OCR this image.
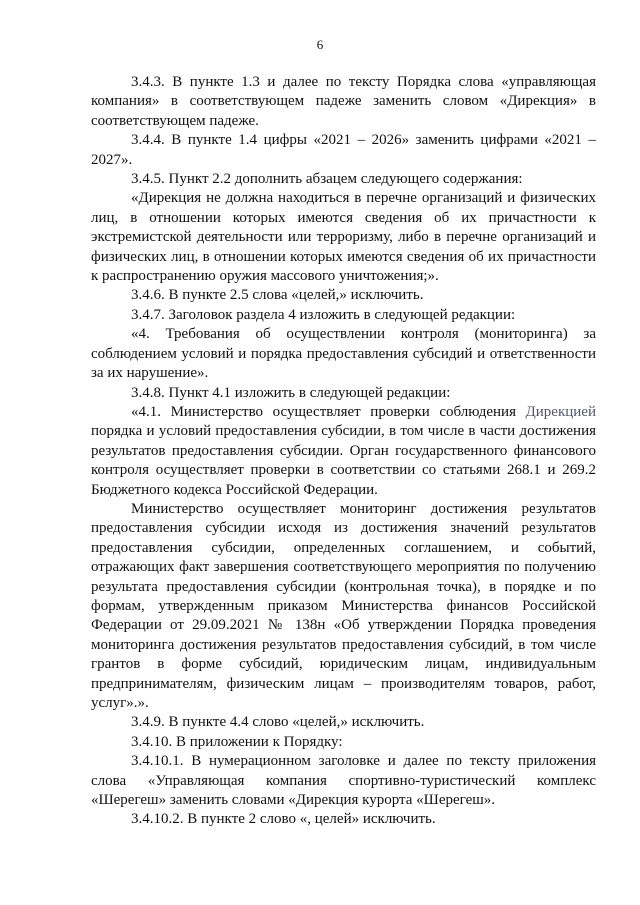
6

3.4.3. В пункте 1.3 и далее по тексту Порядка слова «управляющая компания» в соответствующем падеже заменить словом «Дирекция» в соответствующем падеже.

3.4.4. В пункте 1.4 цифры «2021 – 2026» заменить цифрами «2021 – 2027».

3.4.5. Пункт 2.2 дополнить абзацем следующего содержания:

«Дирекция не должна находиться в перечне организаций и физических лиц, в отношении которых имеются сведения об их причастности к экстремистской деятельности или терроризму, либо в перечне организаций и физических лиц, в отношении которых имеются сведения об их причастности к распространению оружия массового уничтожения;».

3.4.6. В пункте 2.5 слова «целей,» исключить.

3.4.7. Заголовок раздела 4 изложить в следующей редакции:

«4. Требования об осуществлении контроля (мониторинга) за соблюдением условий и порядка предоставления субсидий и ответственности за их нарушение».

3.4.8. Пункт 4.1 изложить в следующей редакции:

«4.1. Министерство осуществляет проверки соблюдения Дирекцией порядка и условий предоставления субсидии, в том числе в части достижения результатов предоставления субсидии. Орган государственного финансового контроля осуществляет проверки в соответствии со статьями 268.1 и 269.2 Бюджетного кодекса Российской Федерации.

Министерство осуществляет мониторинг достижения результатов предоставления субсидии исходя из достижения значений результатов предоставления субсидии, определенных соглашением, и событий, отражающих факт завершения соответствующего мероприятия по получению результата предоставления субсидии (контрольная точка), в порядке и по формам, утвержденным приказом Министерства финансов Российской Федерации от 29.09.2021 № 138н «Об утверждении Порядка проведения мониторинга достижения результатов предоставления субсидий, в том числе грантов в форме субсидий, юридическим лицам, индивидуальным предпринимателям, физическим лицам – производителям товаров, работ, услуг».».

3.4.9. В пункте 4.4 слово «целей,» исключить.

3.4.10. В приложении к Порядку:

3.4.10.1. В нумерационном заголовке и далее по тексту приложения слова «Управляющая компания спортивно-туристический комплекс «Шерегеш» заменить словами «Дирекция курорта «Шерегеш».

3.4.10.2. В пункте 2 слово «, целей» исключить.
